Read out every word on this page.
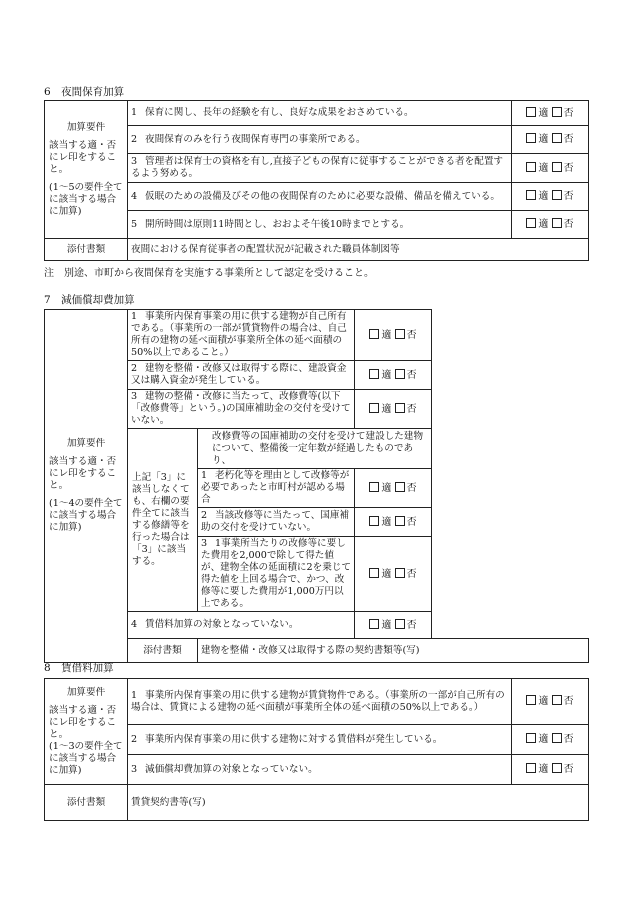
6　夜間保育加算
加算要件
該当する適・否にレ印をすること。
(1～5の要件全てに該当する場合に加算)	1 保育に関し、長年の経験を有し、良好な成果をおさめている。	適 否
	2 夜間保育のみを行う夜間保育専門の事業所である。	適 否
	3 管理者は保育士の資格を有し,直接子どもの保育に従事することができる者を配置するよう努める。	適 否
	4 仮眠のための設備及びその他の夜間保育のために必要な設備、備品を備えている。	適 否
	5 開所時間は原則11時間とし、おおよそ午後10時までとする。	適 否
添付書類	夜間における保育従事者の配置状況が記載された職員体制図等	
注　別途、市町から夜間保育を実施する事業所として認定を受けること。
7　減価償却費加算
加算要件
該当する適・否にレ印をすること。
(1～4の要件全てに該当する場合に加算)	1 事業所内保育事業の用に供する建物が自己所有である。（事業所の一部が賃貸物件の場合は、自己所有の建物の延べ面積が事業所全体の延べ面積の50%以上であること。）		適 否
	2 建物を整備・改修又は取得する際に、建設資金又は購入資金が発生している。		適 否
	3 建物の整備・改修に当たって、改修費等(以下「改修費等」という。)の国庫補助金の交付を受けていない。		適 否
	上記「3」に該当しなくても、右欄の要件全てに該当する修繕等を行った場合は「3」に該当する。	改修費等の国庫補助の交付を受けて建設した建物について、整備後一定年数が経過したものであり、	
		1 老朽化等を理由として改修等が必要であったと市町村が認める場合	適 否
		2 当該改修等に当たって、国庫補助の交付を受けていない。	適 否
		3 1事業所当たりの改修等に要した費用を2,000で除して得た値が、建物全体の延面積に2を乗じて得た値を上回る場合で、かつ、改修等に要した費用が1,000万円以上である。	適 否
	4 賃借料加算の対象となっていない。		適 否
	添付書類	建物を整備・改修又は取得する際の契約書類等(写)	
8　賃借料加算
加算要件
該当する適・否にレ印をすること。
(1～3の要件全てに該当する場合に加算)	1 事業所内保育事業の用に供する建物が賃貸物件である。（事業所の一部が自己所有の場合は、賃貸による建物の延べ面積が事業所全体の延べ面積の50%以上である。）	適 否
	2 事業所内保育事業の用に供する建物に対する賃借料が発生している。	適 否
	3 減価償却費加算の対象となっていない。	適 否
添付書類	賃貸契約書等(写)	
